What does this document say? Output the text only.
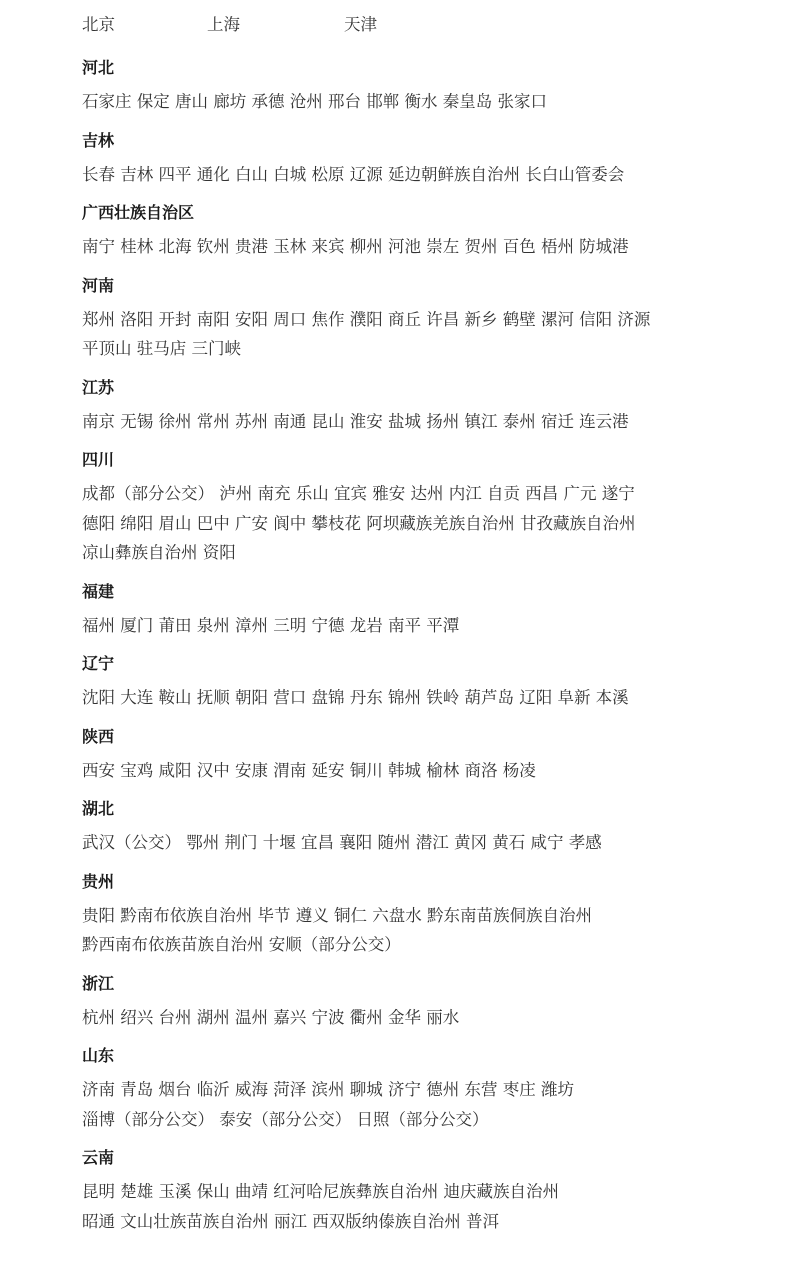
北京	上海	天津
河北
石家庄 保定 唐山 廊坊 承德 沧州 邢台 邯郸 衡水 秦皇岛 张家口
吉林
长春 吉林 四平 通化 白山 白城 松原 辽源 延边朝鲜族自治州 长白山管委会
广西壮族自治区
南宁 桂林 北海 钦州 贵港 玉林 来宾 柳州 河池 崇左 贺州 百色 梧州 防城港
河南
郑州 洛阳 开封 南阳 安阳 周口 焦作 濮阳 商丘 许昌 新乡 鹤壁 漯河 信阳 济源
平顶山 驻马店 三门峡
江苏
南京 无锡 徐州 常州 苏州 南通 昆山 淮安 盐城 扬州 镇江 泰州 宿迁 连云港
四川
成都（部分公交） 泸州 南充 乐山 宜宾 雅安 达州 内江 自贡 西昌 广元 遂宁
德阳 绵阳 眉山 巴中 广安 阆中 攀枝花 阿坝藏族羌族自治州 甘孜藏族自治州
凉山彝族自治州 资阳
福建
福州 厦门 莆田 泉州 漳州 三明 宁德 龙岩 南平 平潭
辽宁
沈阳 大连 鞍山 抚顺 朝阳 营口 盘锦 丹东 锦州 铁岭 葫芦岛 辽阳 阜新 本溪
陕西
西安 宝鸡 咸阳 汉中 安康 渭南 延安 铜川 韩城 榆林 商洛 杨凌
湖北
武汉（公交） 鄂州 荆门 十堰 宜昌 襄阳 随州 潜江 黄冈 黄石 咸宁 孝感
贵州
贵阳 黔南布依族自治州 毕节 遵义 铜仁 六盘水 黔东南苗族侗族自治州
黔西南布依族苗族自治州 安顺（部分公交）
浙江
杭州 绍兴 台州 湖州 温州 嘉兴 宁波 衢州 金华 丽水
山东
济南 青岛 烟台 临沂 威海 菏泽 滨州 聊城 济宁 德州 东营 枣庄 潍坊
淄博（部分公交） 泰安（部分公交） 日照（部分公交）
云南
昆明 楚雄 玉溪 保山 曲靖 红河哈尼族彝族自治州 迪庆藏族自治州
昭通 文山壮族苗族自治州 丽江 西双版纳傣族自治州 普洱
